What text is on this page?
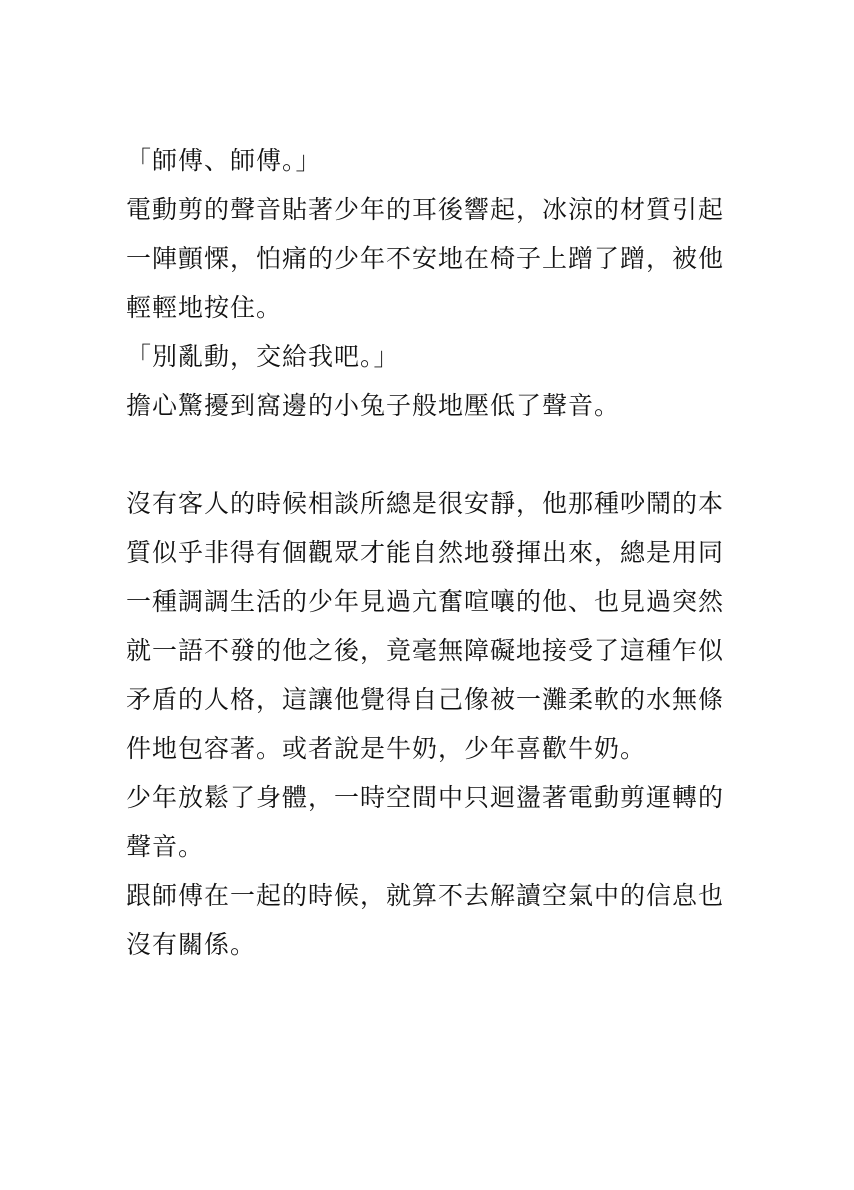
「師傅、師傅。」

電動剪的聲音貼著少年的耳後響起，冰涼的材質引起一陣顫慄，怕痛的少年不安地在椅子上蹭了蹭，被他輕輕地按住。

「別亂動，交給我吧。」

擔心驚擾到窩邊的小兔子般地壓低了聲音。

沒有客人的時候相談所總是很安靜，他那種吵鬧的本質似乎非得有個觀眾才能自然地發揮出來，總是用同一種調調生活的少年見過亢奮喧嚷的他、也見過突然就一語不發的他之後，竟毫無障礙地接受了這種乍似矛盾的人格，這讓他覺得自己像被一灘柔軟的水無條件地包容著。或者說是牛奶，少年喜歡牛奶。

少年放鬆了身體，一時空間中只迴盪著電動剪運轉的聲音。

跟師傅在一起的時候，就算不去解讀空氣中的信息也沒有關係。
